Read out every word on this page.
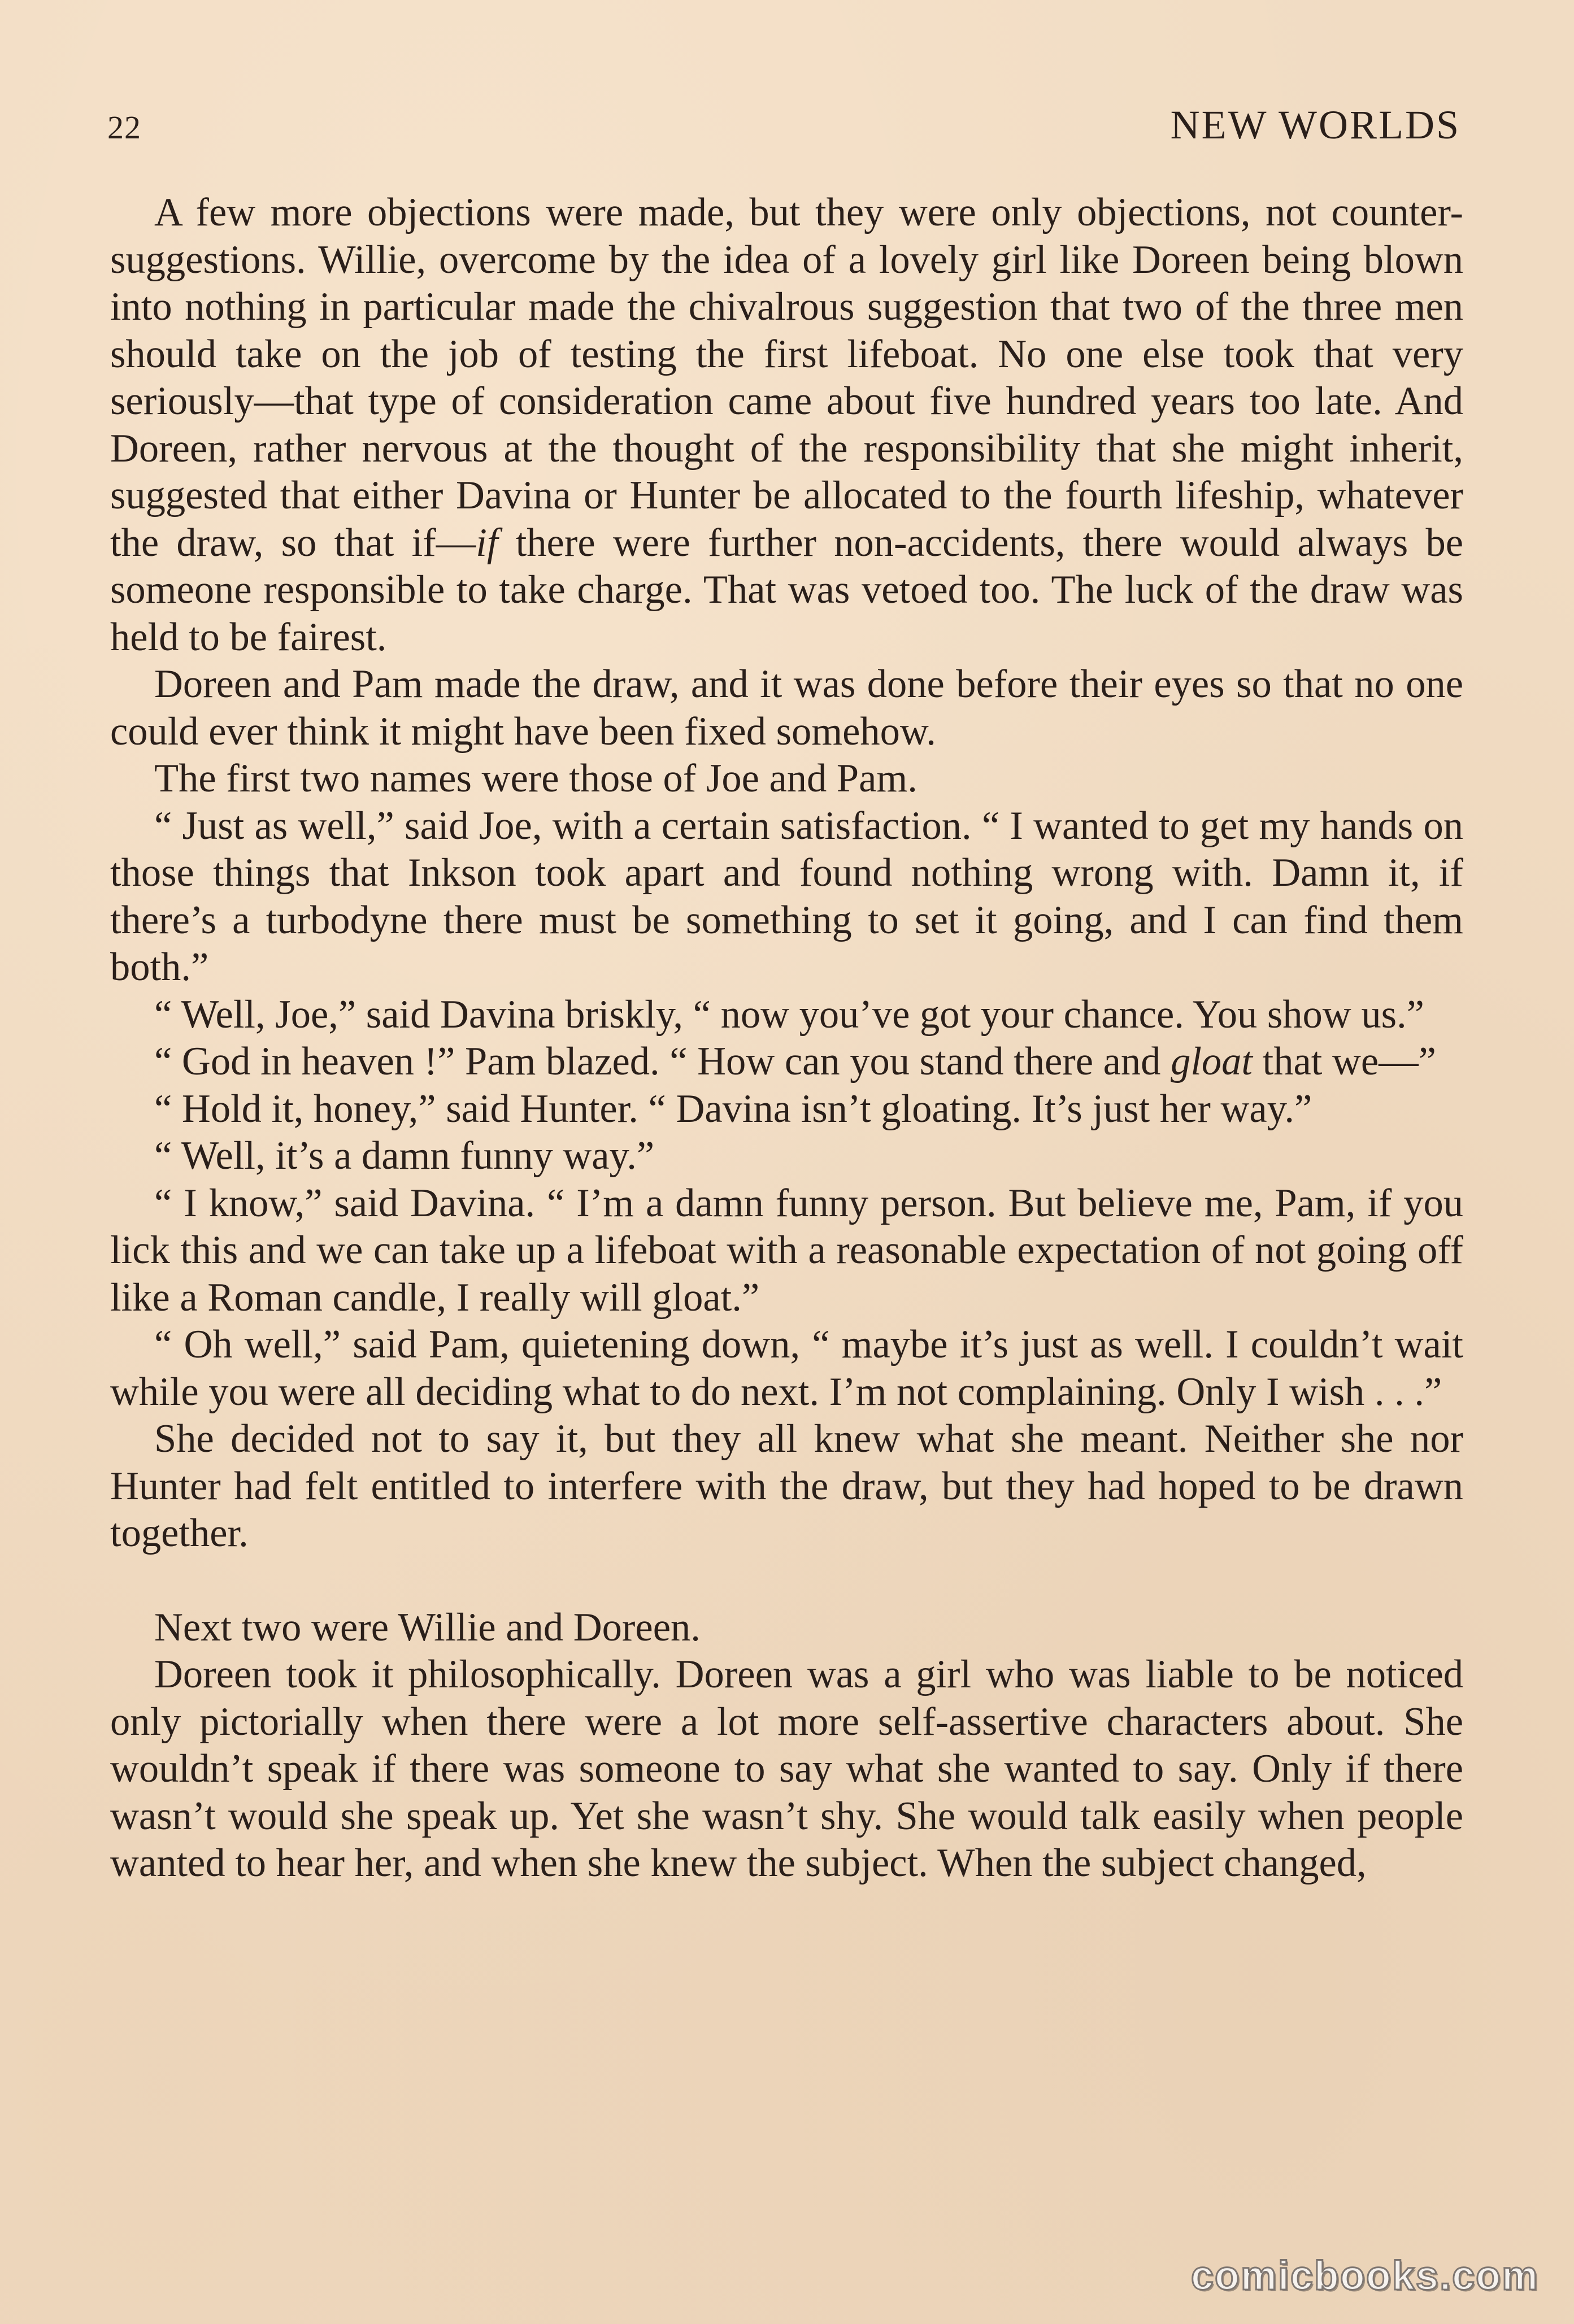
22	NEW WORLDS

A few more objections were made, but they were only objections, not counter-suggestions. Willie, overcome by the idea of a lovely girl like Doreen being blown into nothing in particular made the chivalrous suggestion that two of the three men should take on the job of testing the first lifeboat. No one else took that very seriously—that type of consideration came about five hundred years too late. And Doreen, rather nervous at the thought of the responsibility that she might inherit, suggested that either Davina or Hunter be allocated to the fourth lifeship, whatever the draw, so that if—if there were further non-accidents, there would always be someone responsible to take charge. That was vetoed too. The luck of the draw was held to be fairest.

Doreen and Pam made the draw, and it was done before their eyes so that no one could ever think it might have been fixed somehow.

The first two names were those of Joe and Pam.

“ Just as well,” said Joe, with a certain satisfaction. “ I wanted to get my hands on those things that Inkson took apart and found nothing wrong with. Damn it, if there’s a turbodyne there must be something to set it going, and I can find them both.”

“ Well, Joe,” said Davina briskly, “ now you’ve got your chance. You show us.”

“ God in heaven !” Pam blazed. “ How can you stand there and gloat that we—”

“ Hold it, honey,” said Hunter. “ Davina isn’t gloating. It’s just her way.”

“ Well, it’s a damn funny way.”

“ I know,” said Davina. “ I’m a damn funny person. But believe me, Pam, if you lick this and we can take up a lifeboat with a reasonable expectation of not going off like a Roman candle, I really will gloat.”

“ Oh well,” said Pam, quietening down, “ maybe it’s just as well. I couldn’t wait while you were all deciding what to do next. I’m not complaining. Only I wish . . .”

She decided not to say it, but they all knew what she meant. Neither she nor Hunter had felt entitled to interfere with the draw, but they had hoped to be drawn together.

Next two were Willie and Doreen.

Doreen took it philosophically. Doreen was a girl who was liable to be noticed only pictorially when there were a lot more self-assertive characters about. She wouldn’t speak if there was someone to say what she wanted to say. Only if there wasn’t would she speak up. Yet she wasn’t shy. She would talk easily when people wanted to hear her, and when she knew the subject. When the subject changed,

comicbooks.com
